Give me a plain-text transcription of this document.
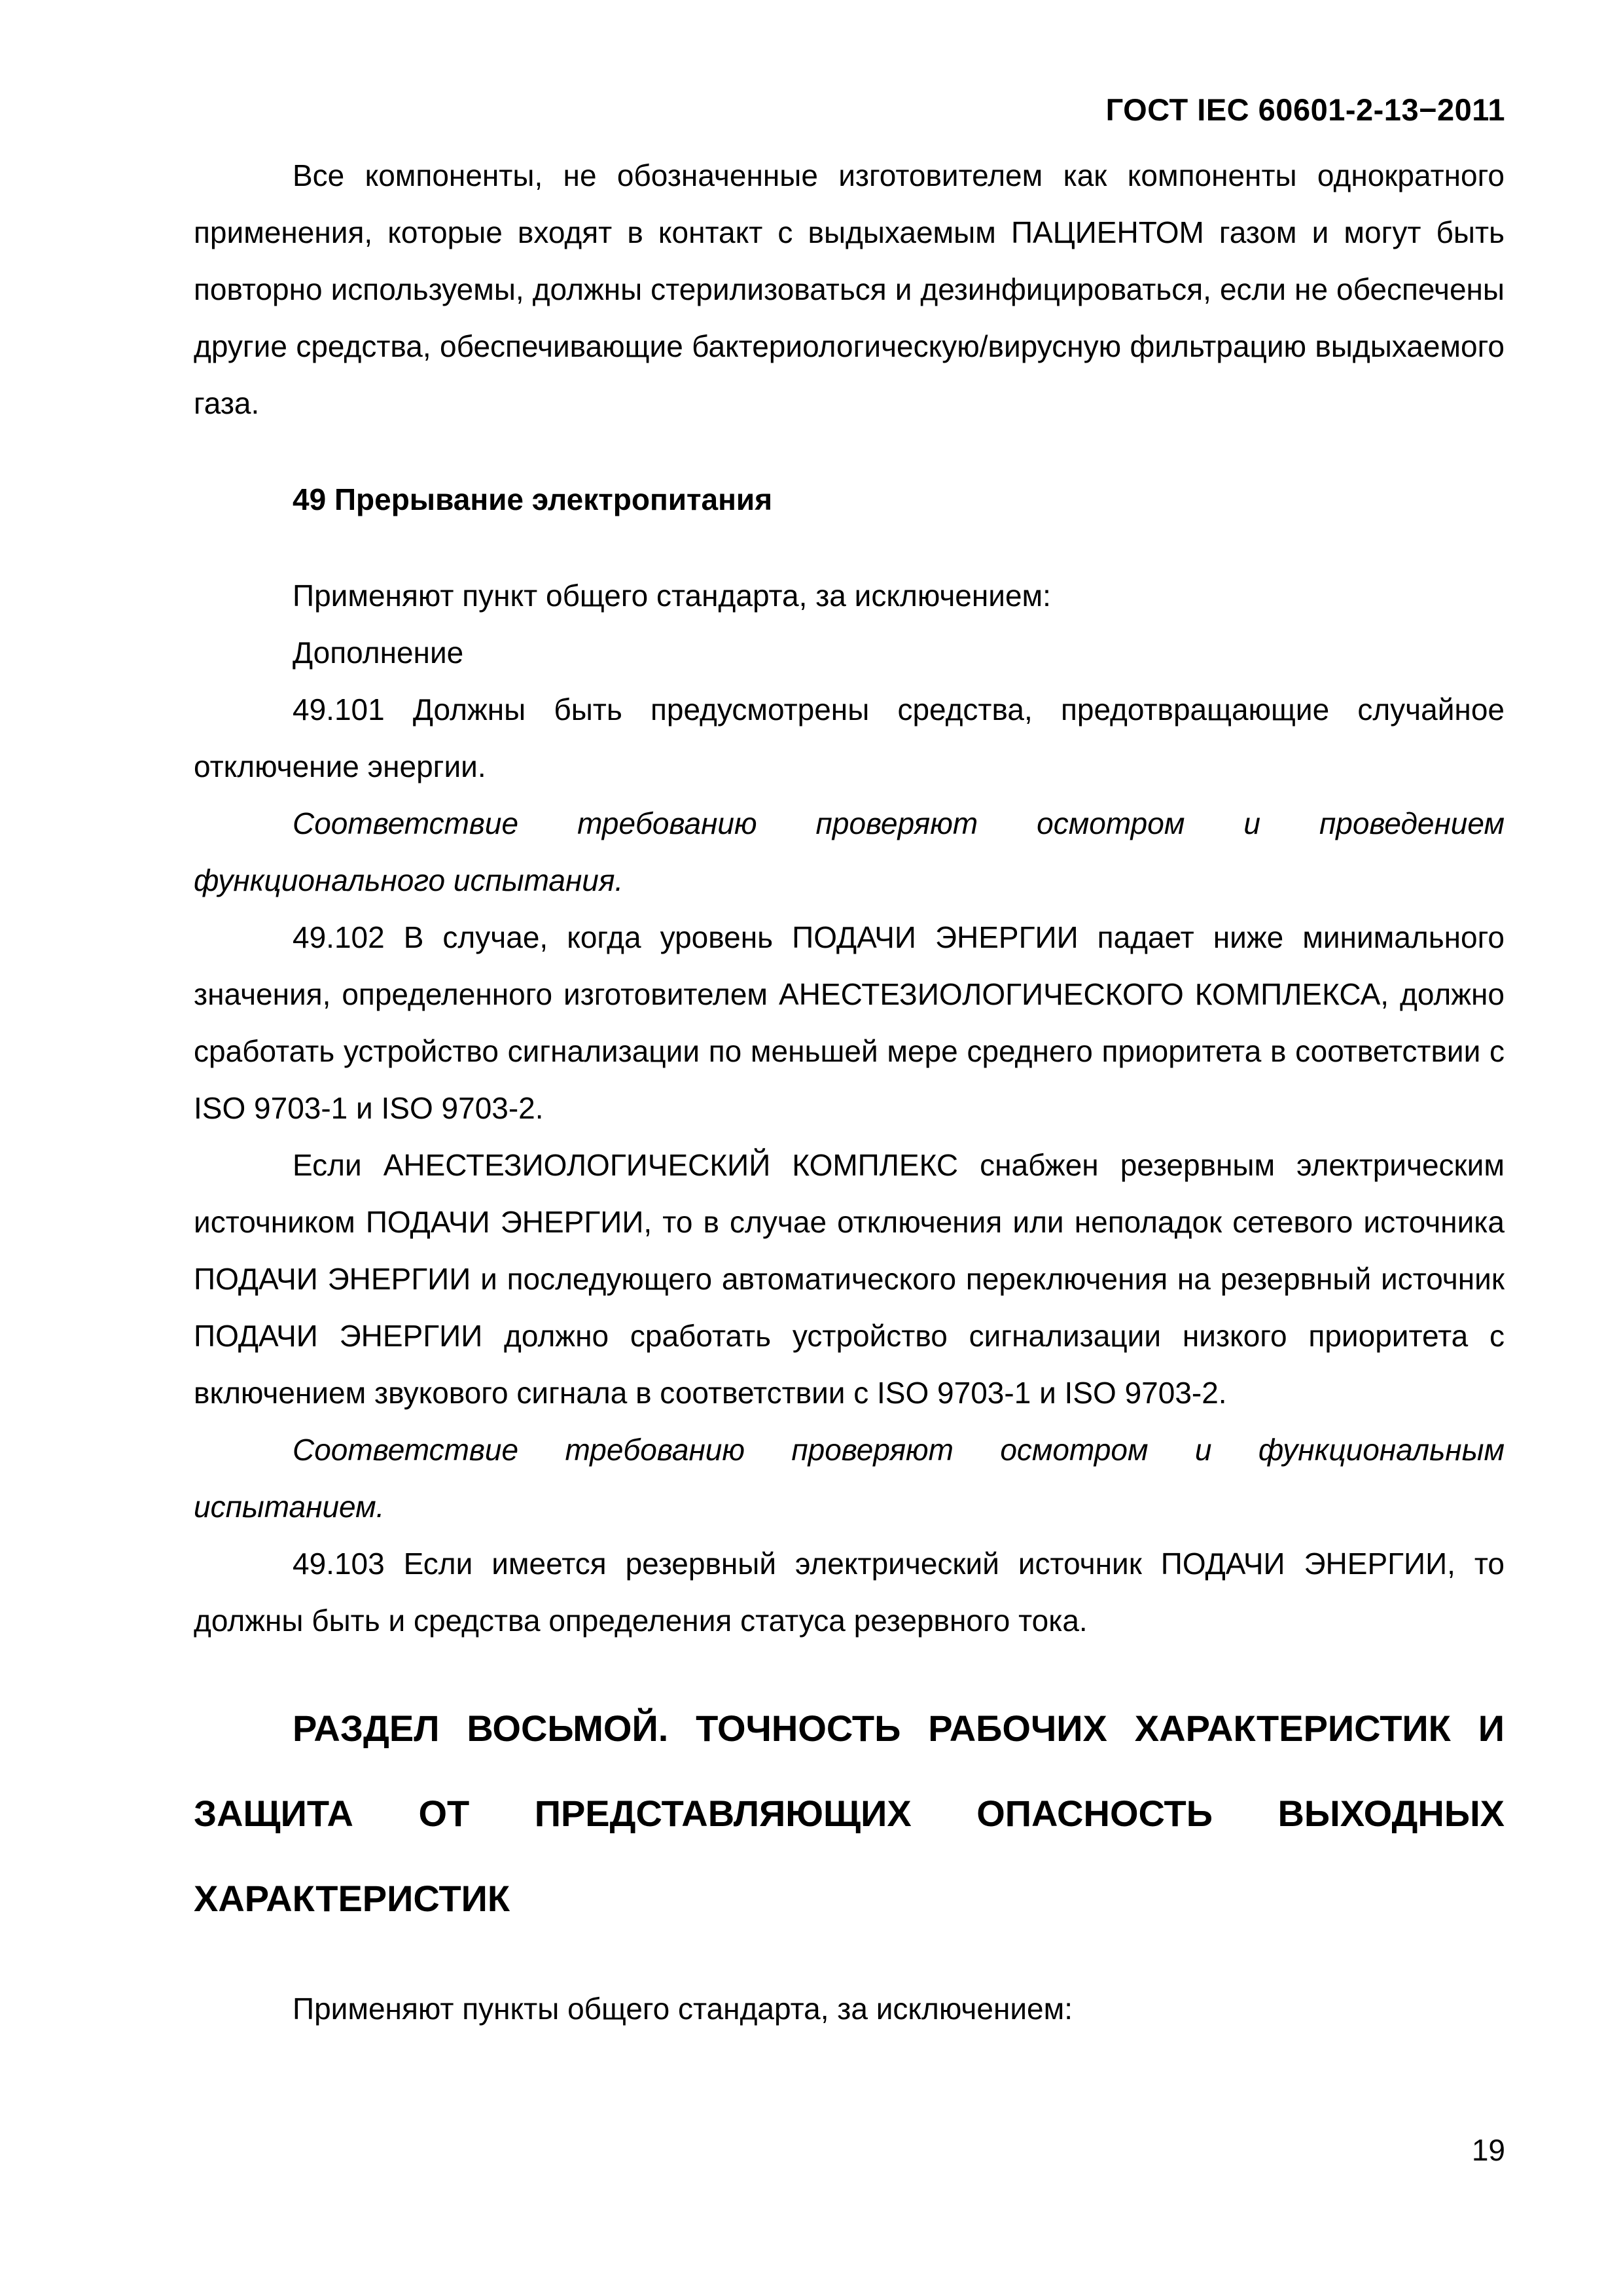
ГОСТ IEC 60601-2-13−2011

Все компоненты, не обозначенные изготовителем как компоненты однократного применения, которые входят в контакт с выдыхаемым ПАЦИЕНТОМ газом и могут быть повторно используемы, должны стерилизоваться и дезинфицироваться, если не обеспечены другие средства, обеспечивающие бактериологическую/вирусную фильтрацию выдыхаемого газа.

49 Прерывание электропитания

Применяют пункт общего стандарта, за исключением:

Дополнение

49.101 Должны быть предусмотрены средства, предотвращающие случайное отключение энергии.

Соответствие требованию проверяют осмотром и проведением функционального испытания.

49.102 В случае, когда уровень ПОДАЧИ ЭНЕРГИИ падает ниже минимального значения, определенного изготовителем АНЕСТЕЗИОЛОГИЧЕСКОГО КОМПЛЕКСА, должно сработать устройство сигнализации по меньшей мере среднего приоритета в соответствии с ISO 9703-1 и ISO 9703-2.

Если АНЕСТЕЗИОЛОГИЧЕСКИЙ КОМПЛЕКС снабжен резервным электрическим источником ПОДАЧИ ЭНЕРГИИ, то в случае отключения или неполадок сетевого источника ПОДАЧИ ЭНЕРГИИ и последующего автоматического переключения на резервный источник ПОДАЧИ ЭНЕРГИИ должно сработать устройство сигнализации низкого приоритета с включением звукового сигнала в соответствии с ISO 9703-1 и ISO 9703-2.

Соответствие требованию проверяют осмотром и функциональным испытанием.

49.103 Если имеется резервный электрический источник ПОДАЧИ ЭНЕРГИИ, то должны быть и средства определения статуса резервного тока.

РАЗДЕЛ ВОСЬМОЙ. ТОЧНОСТЬ РАБОЧИХ ХАРАКТЕРИСТИК И ЗАЩИТА ОТ ПРЕДСТАВЛЯЮЩИХ ОПАСНОСТЬ ВЫХОДНЫХ ХАРАКТЕРИСТИК

Применяют пункты общего стандарта, за исключением:

19
